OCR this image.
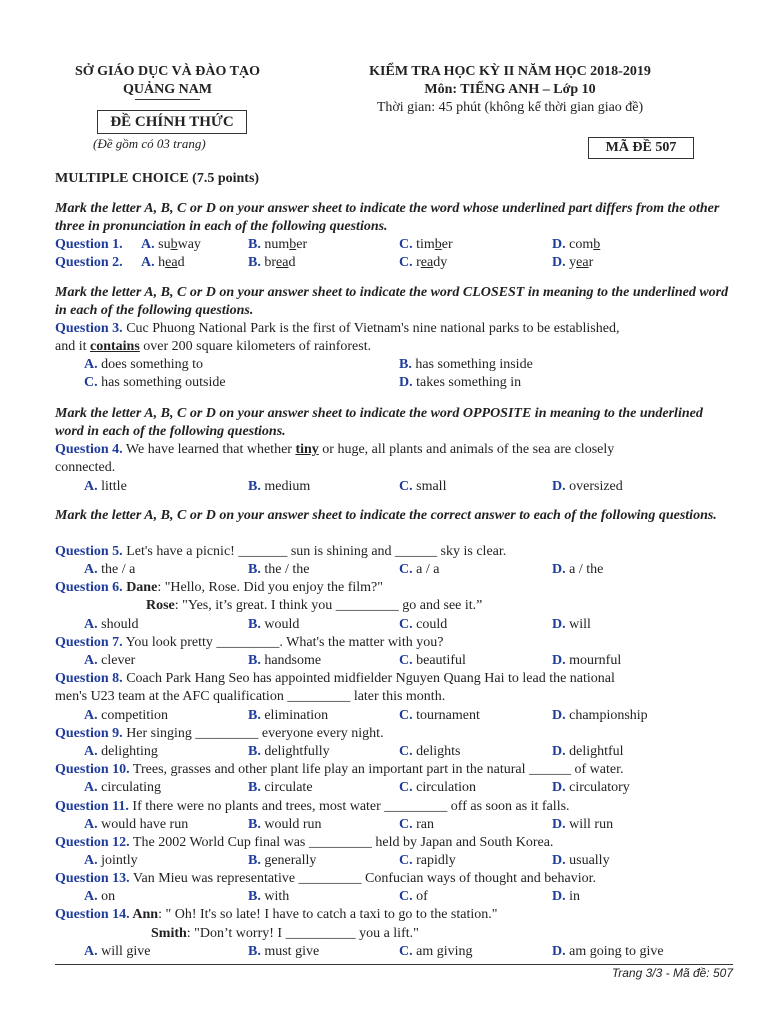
SỞ GIÁO DỤC VÀ ĐÀO TẠO
QUẢNG NAM
KIỂM TRA HỌC KỲ II NĂM HỌC 2018-2019
Môn: TIẾNG ANH – Lớp 10
Thời gian: 45 phút (không kể thời gian giao đề)
ĐỀ CHÍNH THỨC
(Đề gồm có 03 trang)	MÃ ĐỀ 507
MULTIPLE CHOICE (7.5 points)
Mark the letter A, B, C or D on your answer sheet to indicate the word whose underlined part differs from the other three in pronunciation in each of the following questions.
Question 1. A. subway	B. number	C. timber	D. comb
Question 2. A. head	B. bread	C. ready	D. year
Mark the letter A, B, C or D on your answer sheet to indicate the word CLOSEST in meaning to the underlined word in each of the following questions.
Question 3. Cuc Phuong National Park is the first of Vietnam's nine national parks to be established,
and it contains over 200 square kilometers of rainforest.
A. does something to	B. has something inside
C. has something outside	D. takes something in
Mark the letter A, B, C or D on your answer sheet to indicate the word OPPOSITE in meaning to the underlined word in each of the following questions.
Question 4. We have learned that whether tiny or huge, all plants and animals of the sea are closely
connected.
A. little	B. medium	C. small	D. oversized
Mark the letter A, B, C or D on your answer sheet to indicate the correct answer to each of the following questions.
Question 5. Let's have a picnic! _______ sun is shining and ______ sky is clear.
A. the / a	B. the / the	C. a / a	D. a / the
Question 6. Dane: "Hello, Rose. Did you enjoy the film?"
Rose: "Yes, it’s great. I think you _________ go and see it.”
A. should	B. would	C. could	D. will
Question 7. You look pretty _________. What's the matter with you?
A. clever	B. handsome	C. beautiful	D. mournful
Question 8. Coach Park Hang Seo has appointed midfielder Nguyen Quang Hai to lead the national
men's U23 team at the AFC qualification _________ later this month.
A. competition	B. elimination	C. tournament	D. championship
Question 9. Her singing _________ everyone every night.
A. delighting	B. delightfully	C. delights	D. delightful
Question 10. Trees, grasses and other plant life play an important part in the natural ______ of water.
A. circulating	B. circulate	C. circulation	D. circulatory
Question 11. If there were no plants and trees, most water _________ off as soon as it falls.
A. would have run	B. would run	C. ran	D. will run
Question 12. The 2002 World Cup final was _________ held by Japan and South Korea.
A. jointly	B. generally	C. rapidly	D. usually
Question 13. Van Mieu was representative _________ Confucian ways of thought and behavior.
A. on	B. with	C. of	D. in
Question 14. Ann: " Oh! It's so late! I have to catch a taxi to go to the station."
Smith: "Don’t worry! I __________ you a lift."
A. will give	B. must give	C. am giving	D. am going to give
Trang 3/3 - Mã đề: 507
